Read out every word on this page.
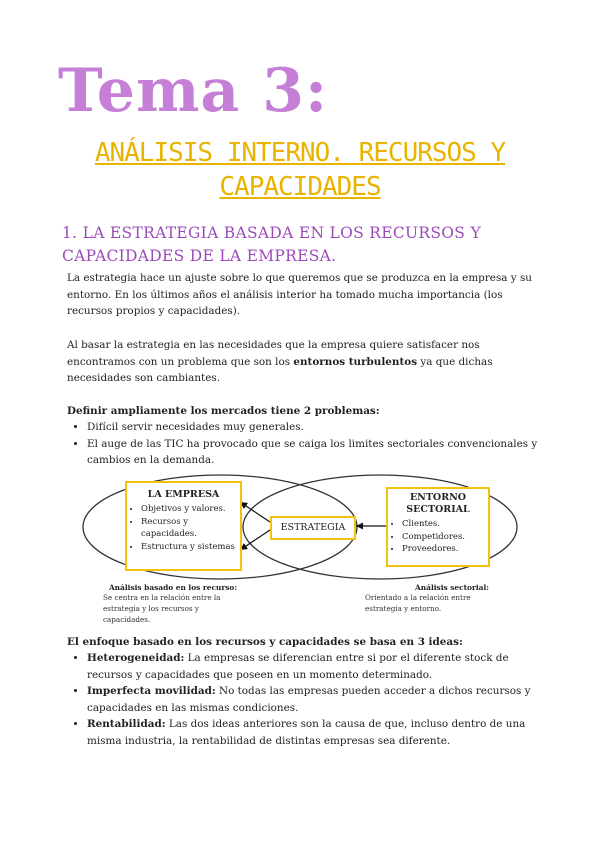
Tema 3:
ANÁLISIS INTERNO. RECURSOS Y CAPACIDADES
1. LA ESTRATEGIA BASADA EN LOS RECURSOS Y CAPACIDADES DE LA EMPRESA.
La estrategia hace un ajuste sobre lo que queremos que se produzca en la empresa y su entorno. En los últimos años el análisis interior ha tomado mucha importancia (los recursos propios y capacidades).
Al basar la estrategia en las necesidades que la empresa quiere satisfacer nos encontramos con un problema que son los entornos turbulentos ya que dichas necesidades son cambiantes.
Definir ampliamente los mercados tiene 2 problemas:
• Difícil servir necesidades muy generales.
• El auge de las TIC ha provocado que se caiga los limites sectoriales convencionales y cambios en la demanda.
LA EMPRESA
• Objetivos y valores.
• Recursos y capacidades.
• Estructura y sistemas
ESTRATEGIA
ENTORNO SECTORIAL
• Clientes.
• Competidores.
• Proveedores.
Análisis basado en los recurso:
Se centra en la relación entre la estrategia y los recursos y capacidades.
Análisis sectorial:
Orientado a la relación entre estrategia y entorno.
El enfoque basado en los recursos y capacidades se basa en 3 ideas:
• Heterogeneidad: La empresas se diferencian entre si por el diferente stock de recursos y capacidades que poseen en un momento determinado.
• Imperfecta movilidad: No todas las empresas pueden acceder a dichos recursos y capacidades en las mismas condiciones.
• Rentabilidad: Las dos ideas anteriores son la causa de que, incluso dentro de una misma industria, la rentabilidad de distintas empresas sea diferente.
